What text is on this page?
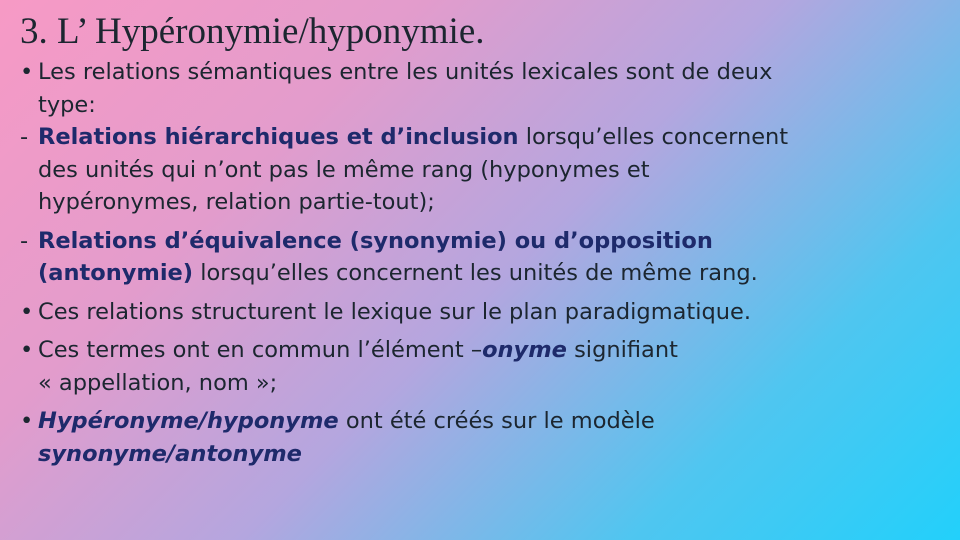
3. L’ Hypéronymie/hyponymie.
• Les relations sémantiques entre les unités lexicales sont de deux
type:
- Relations hiérarchiques et d’inclusion lorsqu’elles concernent
des unités qui n’ont pas le même rang (hyponymes et
hypéronymes, relation partie-tout);
- Relations d’équivalence (synonymie) ou d’opposition
(antonymie) lorsqu’elles concernent les unités de même rang.
• Ces relations structurent le lexique sur le plan paradigmatique.
• Ces termes ont en commun l’élément –onyme signifiant
« appellation, nom »;
• Hypéronyme/hyponyme ont été créés sur le modèle
synonyme/antonyme
